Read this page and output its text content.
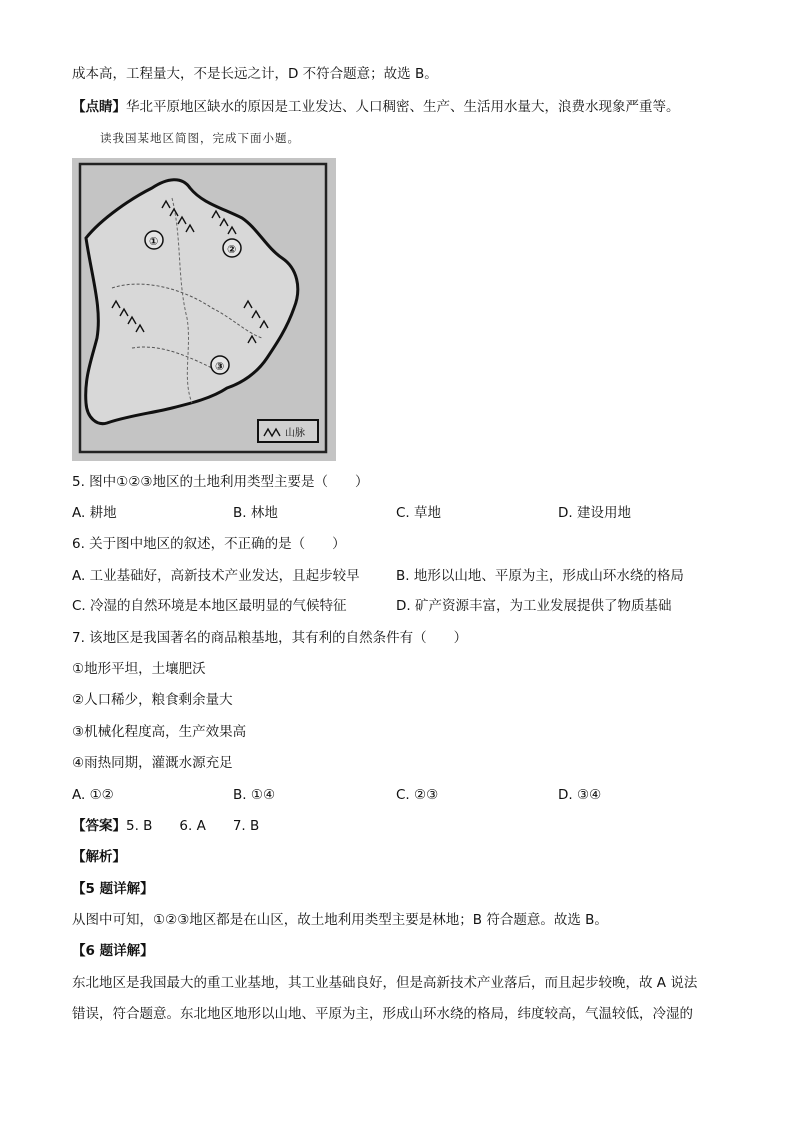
成本高，工程量大，不是长远之计，D 不符合题意；故选 B。
【点睛】华北平原地区缺水的原因是工业发达、人口稠密、生产、生活用水量大，浪费水现象严重等。
读我国某地区简图，完成下面小题。
①
②
③
山脉
5. 图中①②③地区的土地利用类型主要是（　　）
A. 耕地	B. 林地	C. 草地	D. 建设用地
6. 关于图中地区的叙述，不正确的是（　　）
A. 工业基础好，高新技术产业发达，且起步较早	B. 地形以山地、平原为主，形成山环水绕的格局
C. 冷湿的自然环境是本地区最明显的气候特征	D. 矿产资源丰富，为工业发展提供了物质基础
7. 该地区是我国著名的商品粮基地，其有利的自然条件有（　　）
①地形平坦，土壤肥沃
②人口稀少，粮食剩余量大
③机械化程度高，生产效果高
④雨热同期，灌溉水源充足
A. ①②	B. ①④	C. ②③	D. ③④
【答案】5. B　　6. A　　7. B
【解析】
【5 题详解】
从图中可知，①②③地区都是在山区，故土地利用类型主要是林地；B 符合题意。故选 B。
【6 题详解】
东北地区是我国最大的重工业基地，其工业基础良好，但是高新技术产业落后，而且起步较晚，故 A 说法
错误，符合题意。东北地区地形以山地、平原为主，形成山环水绕的格局，纬度较高，气温较低，冷湿的
